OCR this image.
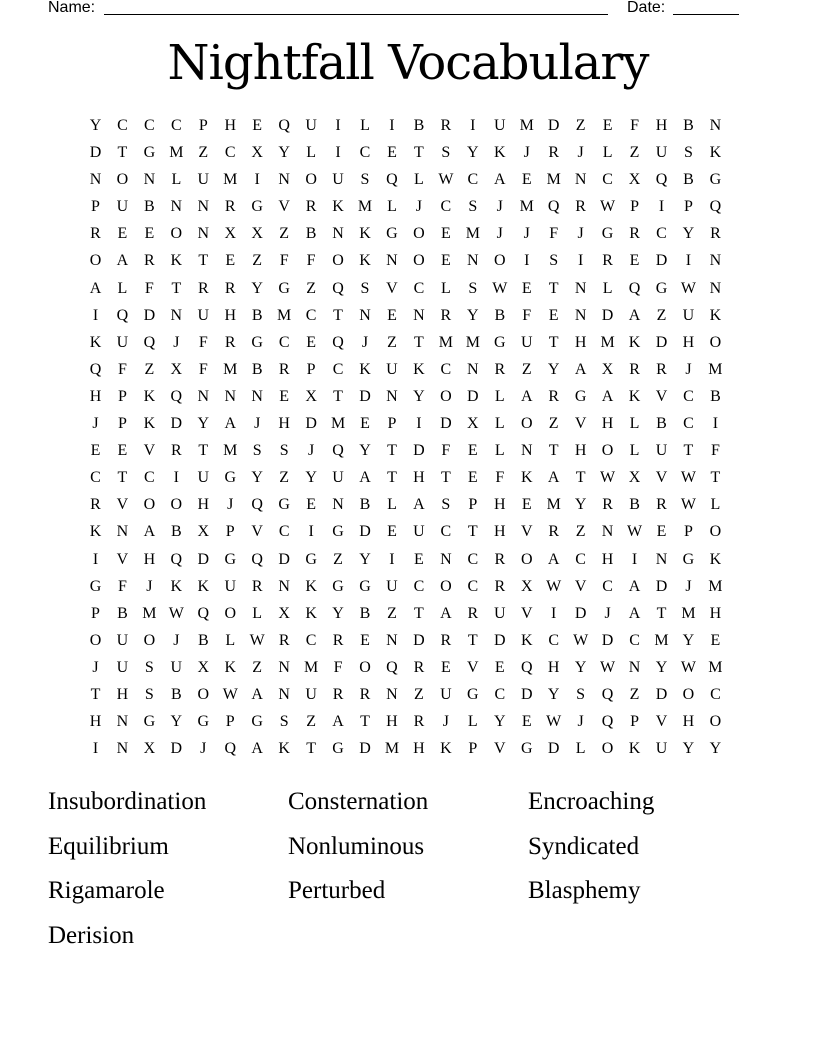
Name:	Date:
Nightfall Vocabulary
Y C	C	C	P	H	E	Q U	I	L	I	B	R	I	U M D	Z	E	F	H B N
D	T	G M Z	C X Y	L	I	C	E	T	S	Y K	J	R	J	L	Z	U	S	K
N O N	L	U M	I	N O U	S	Q	L W C A	E M N C X Q B G
P	U B N N R G V R K M L	J	C	S	J	M Q R W P	I	P	Q
R	E	E	O N X X	Z	B N K G O	E M	J	J	F	J	G R	C Y R
O A R K	T	E	Z	F	F	O K N O	E	N O	I	S	I	R	E	D	I	N
A	L	F	T	R	R Y G	Z	Q	S	V C	L	S W E	T	N	L	Q G W N
I	Q D N U H B M C	T	N	E	N R Y B	F	E	N D A	Z	U K
K U Q	J	F	R G C	E	Q	J	Z	T M M G U	T	H M K D H O
Q	F	Z	X	F M B	R	P	C K U K C N R	Z	Y A X R	R	J	M
H	P	K Q N N N	E	X	T	D N Y O D	L	A R G A K V C	B
J	P	K D Y A	J	H D M E	P	I	D X	L	O	Z	V H	L	B	C	I
E	E	V R	T M S	S	J	Q Y	T	D	F	E	L	N	T	H O	L	U	T	F
C	T	C	I	U G Y	Z	Y U A	T	H	T	E	F	K A	T W X V W T
R V O O H	J	Q G	E	N B	L	A	S	P	H	E M Y R	B	R W L
K N A B X	P	V C	I	G D	E	U C	T	H V R	Z	N W E	P	O
I	V H Q D G Q D G	Z	Y	I	E	N C	R O A C H	I	N G K
G	F	J	K K U R N K G G U C O C	R X W V C A D	J	M
P	B M W Q O	L	X K Y B	Z	T	A R U V	I	D	J	A	T M H
O U O	J	B	L W R	C	R	E	N D R	T	D K C W D C M Y	E
J	U	S	U X K	Z	N M F	O Q R	E	V	E	Q H Y W N Y W M
T	H	S	B O W A N U R	R N	Z	U G C D Y	S	Q	Z	D O C
H N G Y G	P	G	S	Z	A	T	H R	J	L	Y	E W	J	Q	P	V H O
I	N X D	J	Q A K	T	G D M H K	P	V G D	L	O K U Y Y
Insubordination	Consternation	Encroaching
Equilibrium	Nonluminous	Syndicated
Rigamarole	Perturbed	Blasphemy
Derision
